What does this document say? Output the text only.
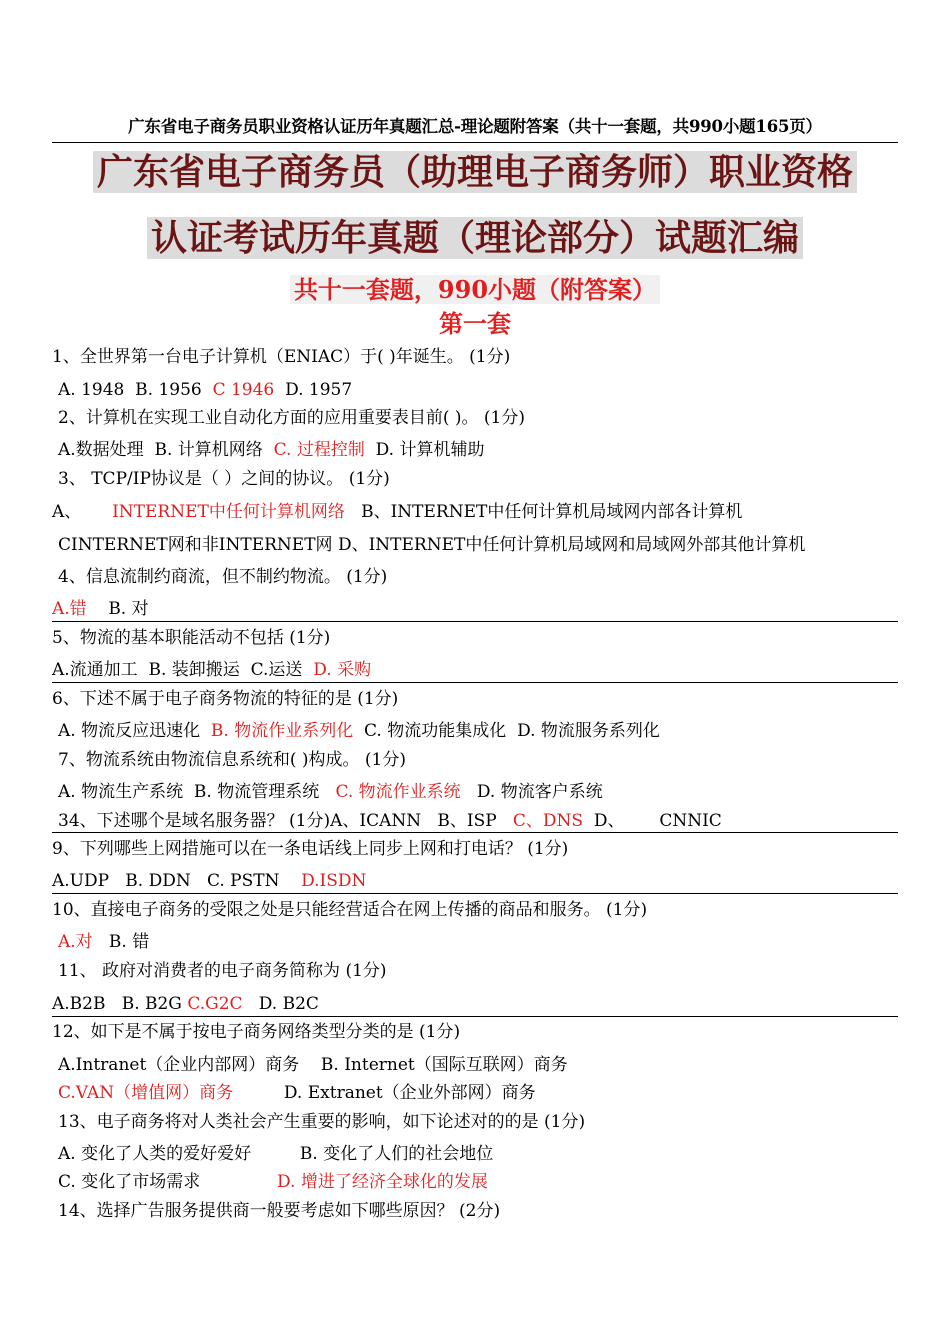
广东省电子商务员职业资格认证历年真题汇总-理论题附答案（共十一套题，共990小题165页）
广东省电子商务员（助理电子商务师）职业资格
认证考试历年真题（理论部分）试题汇编
共十一套题，990小题（附答案）
第一套
1、全世界第一台电子计算机（ENIAC）于( )年诞生。 (1分)
A. 1948 B. 1956 C 1946 D. 1957
2、计算机在实现工业自动化方面的应用重要表目前( )。 (1分)
A.数据处理 B. 计算机网络 C. 过程控制 D. 计算机辅助
3、 TCP/IP协议是（ ）之间的协议。 (1分)
A、 INTERNET中任何计算机网络 B、INTERNET中任何计算机局域网内部各计算机
CINTERNET网和非INTERNET网 D、INTERNET中任何计算机局域网和局域网外部其他计算机
4、信息流制约商流，但不制约物流。 (1分)
A.错 B. 对
5、物流的基本职能活动不包括 (1分)
A.流通加工 B. 装卸搬运 C.运送 D. 采购
6、下述不属于电子商务物流的特征的是 (1分)
A. 物流反应迅速化 B. 物流作业系列化 C. 物流功能集成化 D. 物流服务系列化
7、物流系统由物流信息系统和( )构成。 (1分)
A. 物流生产系统 B. 物流管理系统 C. 物流作业系统 D. 物流客户系统
34、下述哪个是域名服务器？ (1分)A、ICANN B、ISP C、DNS D、 CNNIC
9、下列哪些上网措施可以在一条电话线上同步上网和打电话？ (1分)
A.UDP B. DDN C. PSTN D.ISDN
10、直接电子商务的受限之处是只能经营适合在网上传播的商品和服务。 (1分)
A.对 B. 错
11、 政府对消费者的电子商务简称为 (1分)
A.B2B B. B2G C.G2C D. B2C
12、如下是不属于按电子商务网络类型分类的是 (1分)
A.Intranet（企业内部网）商务 B. Internet（国际互联网）商务
C.VAN（增值网）商务	D. Extranet（企业外部网）商务
13、电子商务将对人类社会产生重要的影响，如下论述对的的是 (1分)
A. 变化了人类的爱好爱好	B. 变化了人们的社会地位
C. 变化了市场需求	D. 增进了经济全球化的发展
14、选择广告服务提供商一般要考虑如下哪些原因？ (2分)
